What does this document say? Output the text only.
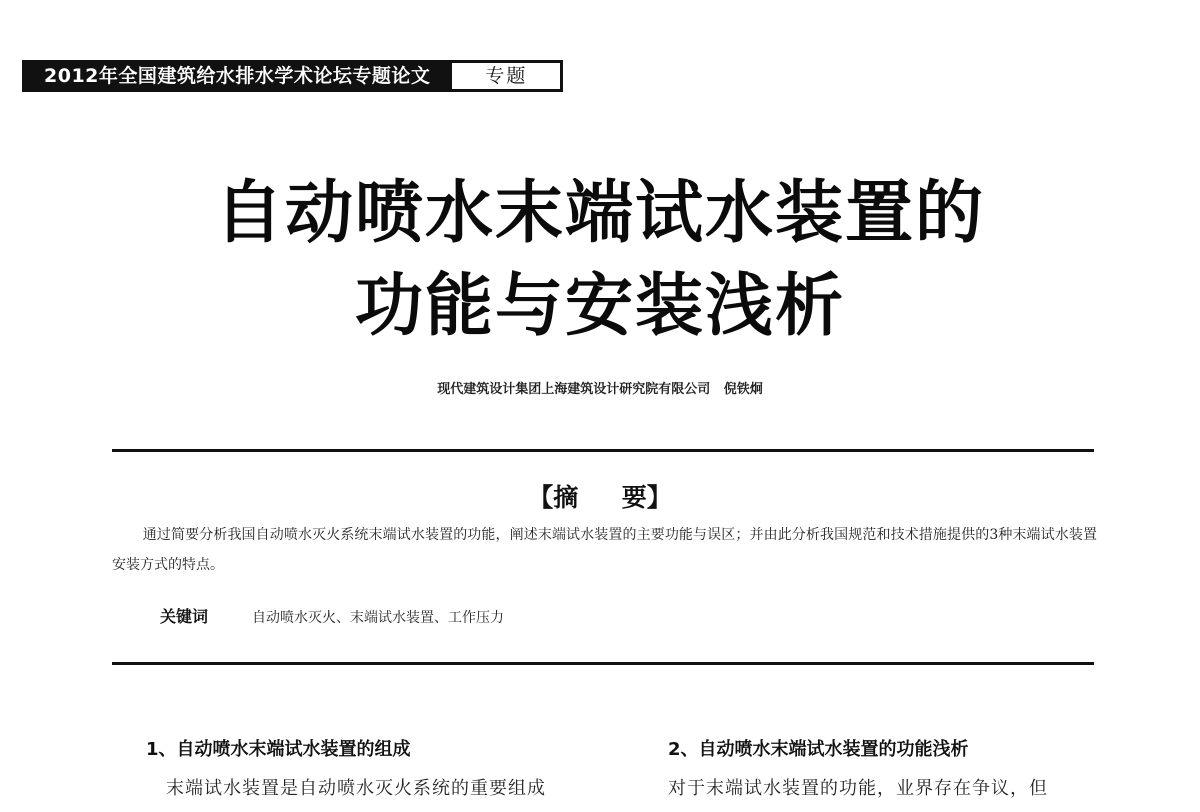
2012年全国建筑给水排水学术论坛专题论文	专题
自动喷水末端试水装置的
功能与安装浅析
现代建筑设计集团上海建筑设计研究院有限公司   倪铁炯
【摘     要】
通过简要分析我国自动喷水灭火系统末端试水装置的功能，阐述末端试水装置的主要功能与误区；并由此分析我国规范和技术措施提供的3种末端试水装置安装方式的特点。
关键词	自动喷水灭火、末端试水装置、工作压力
1、自动喷水末端试水装置的组成
末端试水装置是自动喷水灭火系统的重要组成
2、自动喷水末端试水装置的功能浅析
对于末端试水装置的功能，业界存在争议，但
